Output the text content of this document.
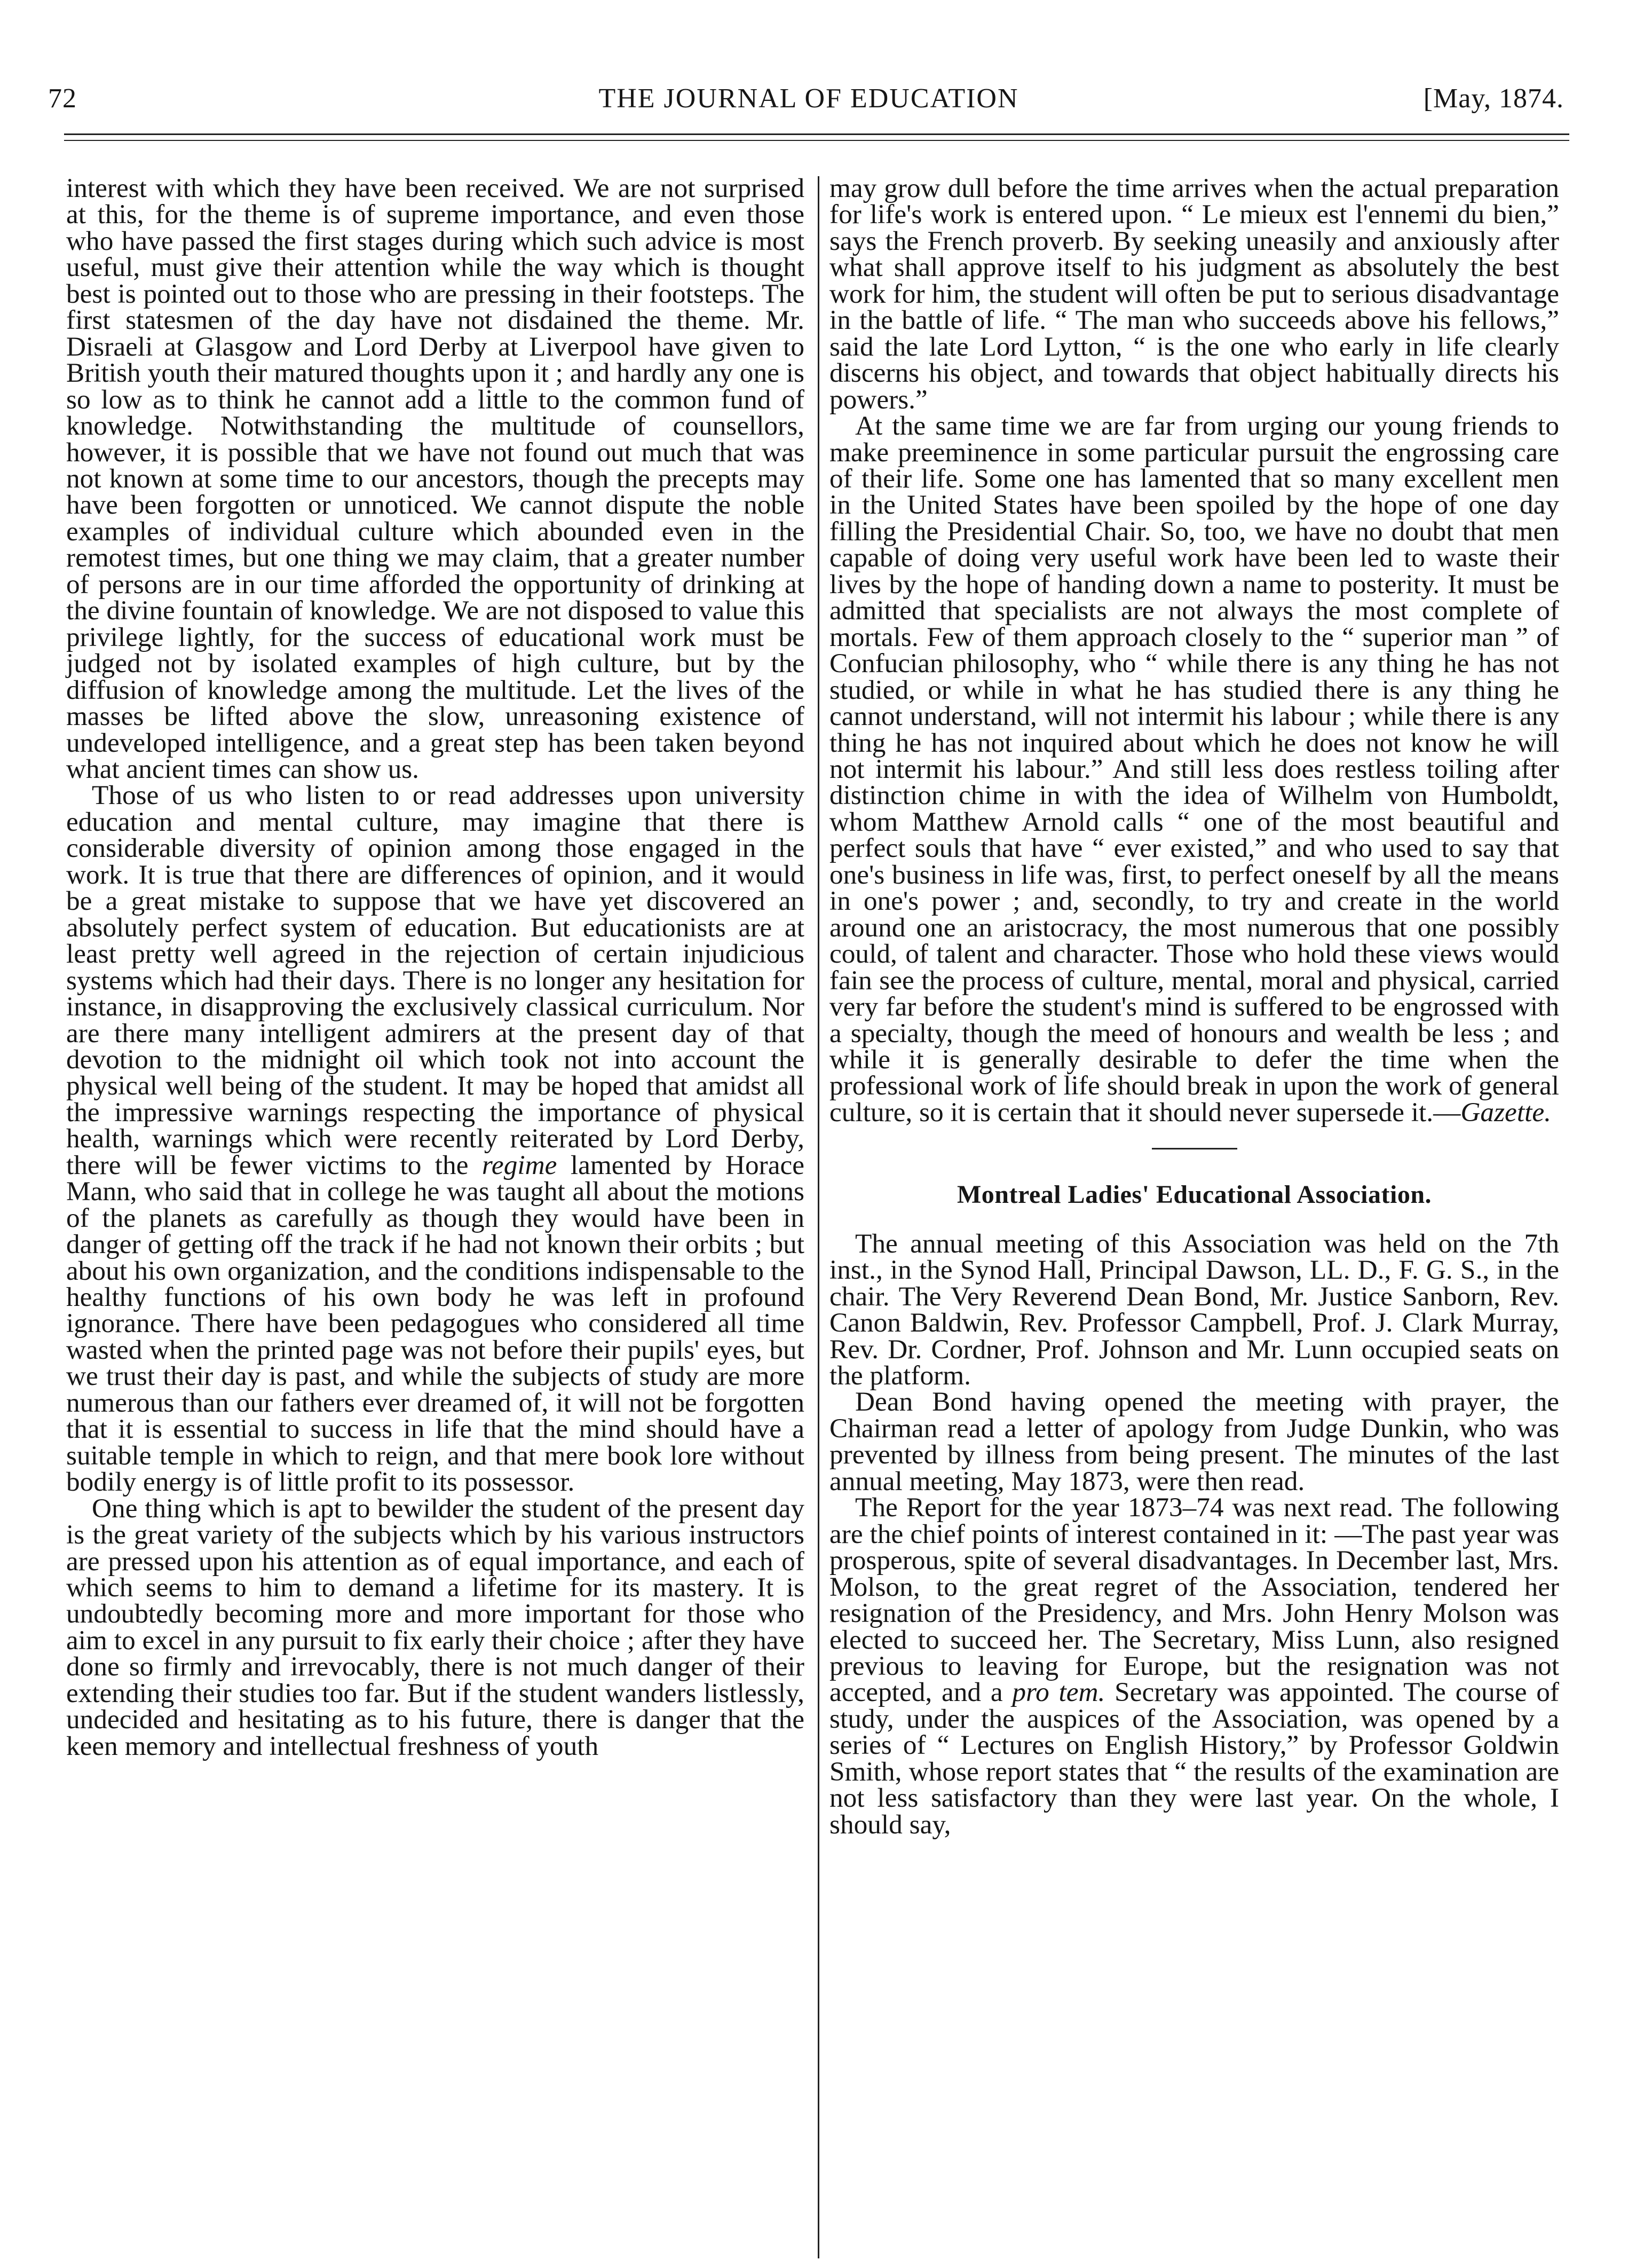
72	THE JOURNAL OF EDUCATION	[May, 1874.

interest with which they have been received. We are not surprised at this, for the theme is of supreme importance, and even those who have passed the first stages during which such advice is most useful, must give their attention while the way which is thought best is pointed out to those who are pressing in their footsteps. The first statesmen of the day have not disdained the theme. Mr. Disraeli at Glasgow and Lord Derby at Liverpool have given to British youth their matured thoughts upon it ; and hardly any one is so low as to think he cannot add a little to the common fund of knowledge. Notwithstanding the multitude of counsellors, however, it is possible that we have not found out much that was not known at some time to our ancestors, though the precepts may have been forgotten or unnoticed. We cannot dispute the noble examples of individual culture which abounded even in the remotest times, but one thing we may claim, that a greater number of persons are in our time afforded the opportunity of drinking at the divine fountain of knowledge. We are not disposed to value this privilege lightly, for the success of educational work must be judged not by isolated examples of high culture, but by the diffusion of knowledge among the multitude. Let the lives of the masses be lifted above the slow, unreasoning existence of undeveloped intelligence, and a great step has been taken beyond what ancient times can show us.

Those of us who listen to or read addresses upon university education and mental culture, may imagine that there is considerable diversity of opinion among those engaged in the work. It is true that there are differences of opinion, and it would be a great mistake to suppose that we have yet discovered an absolutely perfect system of education. But educationists are at least pretty well agreed in the rejection of certain injudicious systems which had their days. There is no longer any hesitation for instance, in disapproving the exclusively classical curriculum. Nor are there many intelligent admirers at the present day of that devotion to the midnight oil which took not into account the physical well being of the student. It may be hoped that amidst all the impressive warnings respecting the importance of physical health, warnings which were recently reiterated by Lord Derby, there will be fewer victims to the regime lamented by Horace Mann, who said that in college he was taught all about the motions of the planets as carefully as though they would have been in danger of getting off the track if he had not known their orbits ; but about his own organization, and the conditions indispensable to the healthy functions of his own body he was left in profound ignorance. There have been pedagogues who considered all time wasted when the printed page was not before their pupils' eyes, but we trust their day is past, and while the subjects of study are more numerous than our fathers ever dreamed of, it will not be forgotten that it is essential to success in life that the mind should have a suitable temple in which to reign, and that mere book lore without bodily energy is of little profit to its possessor.

One thing which is apt to bewilder the student of the present day is the great variety of the subjects which by his various instructors are pressed upon his attention as of equal importance, and each of which seems to him to demand a lifetime for its mastery. It is undoubtedly becoming more and more important for those who aim to excel in any pursuit to fix early their choice ; after they have done so firmly and irrevocably, there is not much danger of their extending their studies too far. But if the student wanders listlessly, undecided and hesitating as to his future, there is danger that the keen memory and intellectual freshness of youth

may grow dull before the time arrives when the actual preparation for life's work is entered upon. “ Le mieux est l'ennemi du bien,” says the French proverb. By seeking uneasily and anxiously after what shall approve itself to his judgment as absolutely the best work for him, the student will often be put to serious disadvantage in the battle of life. “ The man who succeeds above his fellows,” said the late Lord Lytton, “ is the one who early in life clearly discerns his object, and towards that object habitually directs his powers.”

At the same time we are far from urging our young friends to make preeminence in some particular pursuit the engrossing care of their life. Some one has lamented that so many excellent men in the United States have been spoiled by the hope of one day filling the Presidential Chair. So, too, we have no doubt that men capable of doing very useful work have been led to waste their lives by the hope of handing down a name to posterity. It must be admitted that specialists are not always the most complete of mortals. Few of them approach closely to the “ superior man ” of Confucian philosophy, who “ while there is any thing he has not studied, or while in what he has studied there is any thing he cannot understand, will not intermit his labour ; while there is any thing he has not inquired about which he does not know he will not intermit his labour.” And still less does restless toiling after distinction chime in with the idea of Wilhelm von Humboldt, whom Matthew Arnold calls “ one of the most beautiful and perfect souls that have “ ever existed,” and who used to say that one's business in life was, first, to perfect oneself by all the means in one's power ; and, secondly, to try and create in the world around one an aristocracy, the most numerous that one possibly could, of talent and character. Those who hold these views would fain see the process of culture, mental, moral and physical, carried very far before the student's mind is suffered to be engrossed with a specialty, though the meed of honours and wealth be less ; and while it is generally desirable to defer the time when the professional work of life should break in upon the work of general culture, so it is certain that it should never supersede it.—Gazette.

Montreal Ladies' Educational Association.

The annual meeting of this Association was held on the 7th inst., in the Synod Hall, Principal Dawson, LL. D., F. G. S., in the chair. The Very Reverend Dean Bond, Mr. Justice Sanborn, Rev. Canon Baldwin, Rev. Professor Campbell, Prof. J. Clark Murray, Rev. Dr. Cordner, Prof. Johnson and Mr. Lunn occupied seats on the platform.

Dean Bond having opened the meeting with prayer, the Chairman read a letter of apology from Judge Dunkin, who was prevented by illness from being present. The minutes of the last annual meeting, May 1873, were then read.

The Report for the year 1873–74 was next read. The following are the chief points of interest contained in it: —The past year was prosperous, spite of several disadvantages. In December last, Mrs. Molson, to the great regret of the Association, tendered her resignation of the Presidency, and Mrs. John Henry Molson was elected to succeed her. The Secretary, Miss Lunn, also resigned previous to leaving for Europe, but the resignation was not accepted, and a pro tem. Secretary was appointed. The course of study, under the auspices of the Association, was opened by a series of “ Lectures on English History,” by Professor Goldwin Smith, whose report states that “ the results of the examination are not less satisfactory than they were last year. On the whole, I should say,
